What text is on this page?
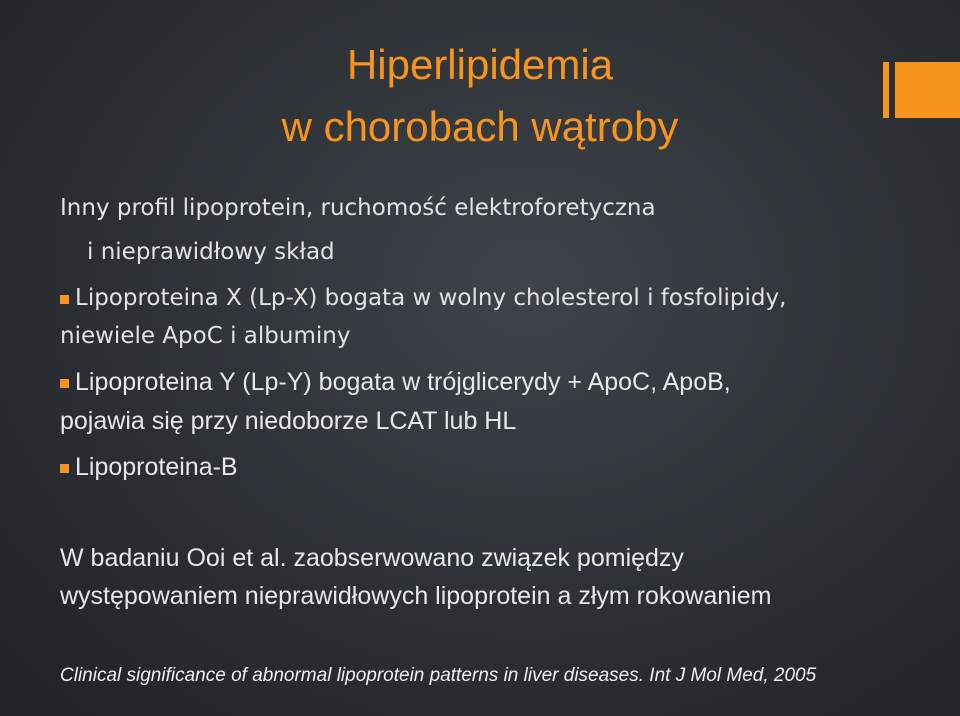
Hiperlipidemia
w chorobach wątroby

Inny profil lipoprotein, ruchomość elektroforetyczna

i nieprawidłowy skład

Lipoproteina X (Lp-X) bogata w wolny cholesterol i fosfolipidy,

niewiele ApoC i albuminy

Lipoproteina Y (Lp-Y) bogata w trójglicerydy + ApoC, ApoB,

pojawia się przy niedoborze LCAT lub HL

Lipoproteina-B

W badaniu Ooi et al. zaobserwowano związek pomiędzy

występowaniem nieprawidłowych lipoprotein a złym rokowaniem

Clinical significance of abnormal lipoprotein patterns in liver diseases. Int J Mol Med, 2005
